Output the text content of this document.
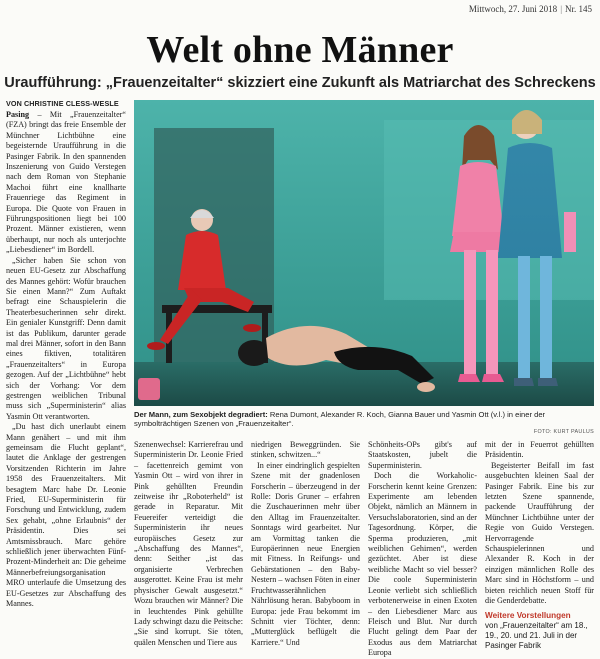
Mittwoch, 27. Juni 2018 | Nr. 145
Welt ohne Männer
Uraufführung: „Frauenzeitalter“ skizziert eine Zukunft als Matriarchat des Schreckens
VON CHRISTINE CLESS-WESLE

Pasing – Mit „Frauenzeitalter“ (FZA) bringt das freie Ensemble der Münchner Lichtbühne eine begeisternde Uraufführung in die Pasinger Fabrik. In den spannenden Inszenierung von Guido Verstegen nach dem Roman von Stephanie Machoi führt eine knallharte Frauenriege das Regiment in Europa. Die Quote von Frauen in Führungspositionen liegt bei 100 Prozent. Männer existieren, wenn überhaupt, nur noch als unterjochte „Liebesdiener“ im Bordell.

„Sicher haben Sie schon von neuen EU-Gesetz zur Abschaffung des Mannes gehört: Wofür brauchen Sie einen Mann?“ Zum Auftakt befragt eine Schauspielerin die Theaterbesucherinnen sehr direkt. Ein genialer Kunstgriff: Denn damit ist das Publikum, darunter gerade mal drei Männer, sofort in den Bann eines fiktiven, totalitären „Frauenzeitalters“ in Europa gezogen. Auf der „Lichtbühne“ hebt sich der Vorhang: Vor dem gestrengen weiblichen Tribunal muss sich „Superministerin“ alias Yasmin Ott verantworten.

„Du hast dich unerlaubt einem Mann genähert – und mit ihm gemeinsam die Flucht geplant“, lautet die Anklage der gestrengen Vorsitzenden Richterin im Jahre 1958 des Frauenzeitalters. Mit besagtem Marc habe Dr. Leonie Fried, EU-Superministerin für Forschung und Entwicklung, zudem Sex gehabt, „ohne Erlaubnis“ der Präsidentin. Dies sei Amtsmissbrauch. Marc gehöre schließlich jener überwachten Fünf-Prozent-Minderheit an: Die geheime Männerbefreiungsorganisation MRO unterlaufe die Umsetzung des EU-Gesetzes zur Abschaffung des Mannes.

Der Mann, zum Sexobjekt degradiert: Rena Dumont, Alexander R. Koch, Gianna Bauer und Yasmin Ott (v.l.) in einer der symbolträchtigen Szenen von „Frauenzeitalter“.
FOTO: KURT PAULUS

Szenenwechsel: Karrierefrau und Superministerin Dr. Leonie Fried – facettenreich gemimt von Yasmin Ott – wird von ihrer in Pink gehüllten Freundin zeitweise ihr „Roboterheld“ ist gerade in Reparatur. Mit Feuereifer verteidigt die Superministerin ihr neues europäisches Gesetz zur „Abschaffung des Mannes“, denn: Seither „ist das organisierte Verbrechen ausgerottet. Keine Frau ist mehr physischer Gewalt ausgesetzt.“ Wozu brauchen wir Männer? Die in leuchtendes Pink gehüllte Lady schwingt dazu die Peitsche: „Sie sind korrupt. Sie töten, quälen Menschen und Tiere aus

niedrigen Beweggründen. Sie stinken, schwitzen...“

In einer eindringlich gespielten Szene mit der gnadenlosen Forscherin – überzeugend in der Rolle: Doris Gruner – erfahren die Zuschauerinnen mehr über den Alltag im Frauenzeitalter. Sonntags wird gearbeitet. Nur am Vormittag tanken die Europäerinnen neue Energien mit Fitness. In Reifungs- und Gebärstationen – den Baby-Nestern – wachsen Föten in einer Fruchtwasserähnlichen Nährlösung heran. Babyboom in Europa: jede Frau bekommt im Schnitt vier Töchter, denn: „Mutterglück beflügelt die Karriere.“ Und

Schönheits-OPs gibt's auf Staatskosten, jubelt die Superministerin.

Doch die Workaholic-Forscherin kennt keine Grenzen: Experimente am lebenden Objekt, nämlich an Männern in Versuchslaboratorien, sind an der Tagesordnung. Körper, die Sperma produzieren, „mit weiblichen Gehirnen“, werden gezüchtet. Aber ist diese weibliche Macht so viel besser? Die coole Superministerin Leonie verliebt sich schließlich verbotenerweise in einen Exoten – den Liebesdiener Marc aus Fleisch und Blut. Nur durch Flucht gelingt dem Paar der Exodus aus dem Matriarchat Europa

mit der in Feuerrot gehüllten Präsidentin.

Begeisterter Beifall im fast ausgebuchten kleinen Saal der Pasinger Fabrik. Eine bis zur letzten Szene spannende, packende Uraufführung der Münchner Lichtbühne unter der Regie von Guido Verstegen. Hervorragende Schauspielerinnen und Alexander R. Koch in der einzigen männlichen Rolle des Marc sind in Höchstform – und bieten reichlich neuen Stoff für die Genderdebatte.

Weitere Vorstellungen
von „Frauenzeitalter“ am 18., 19., 20. und 21. Juli in der Pasinger Fabrik
